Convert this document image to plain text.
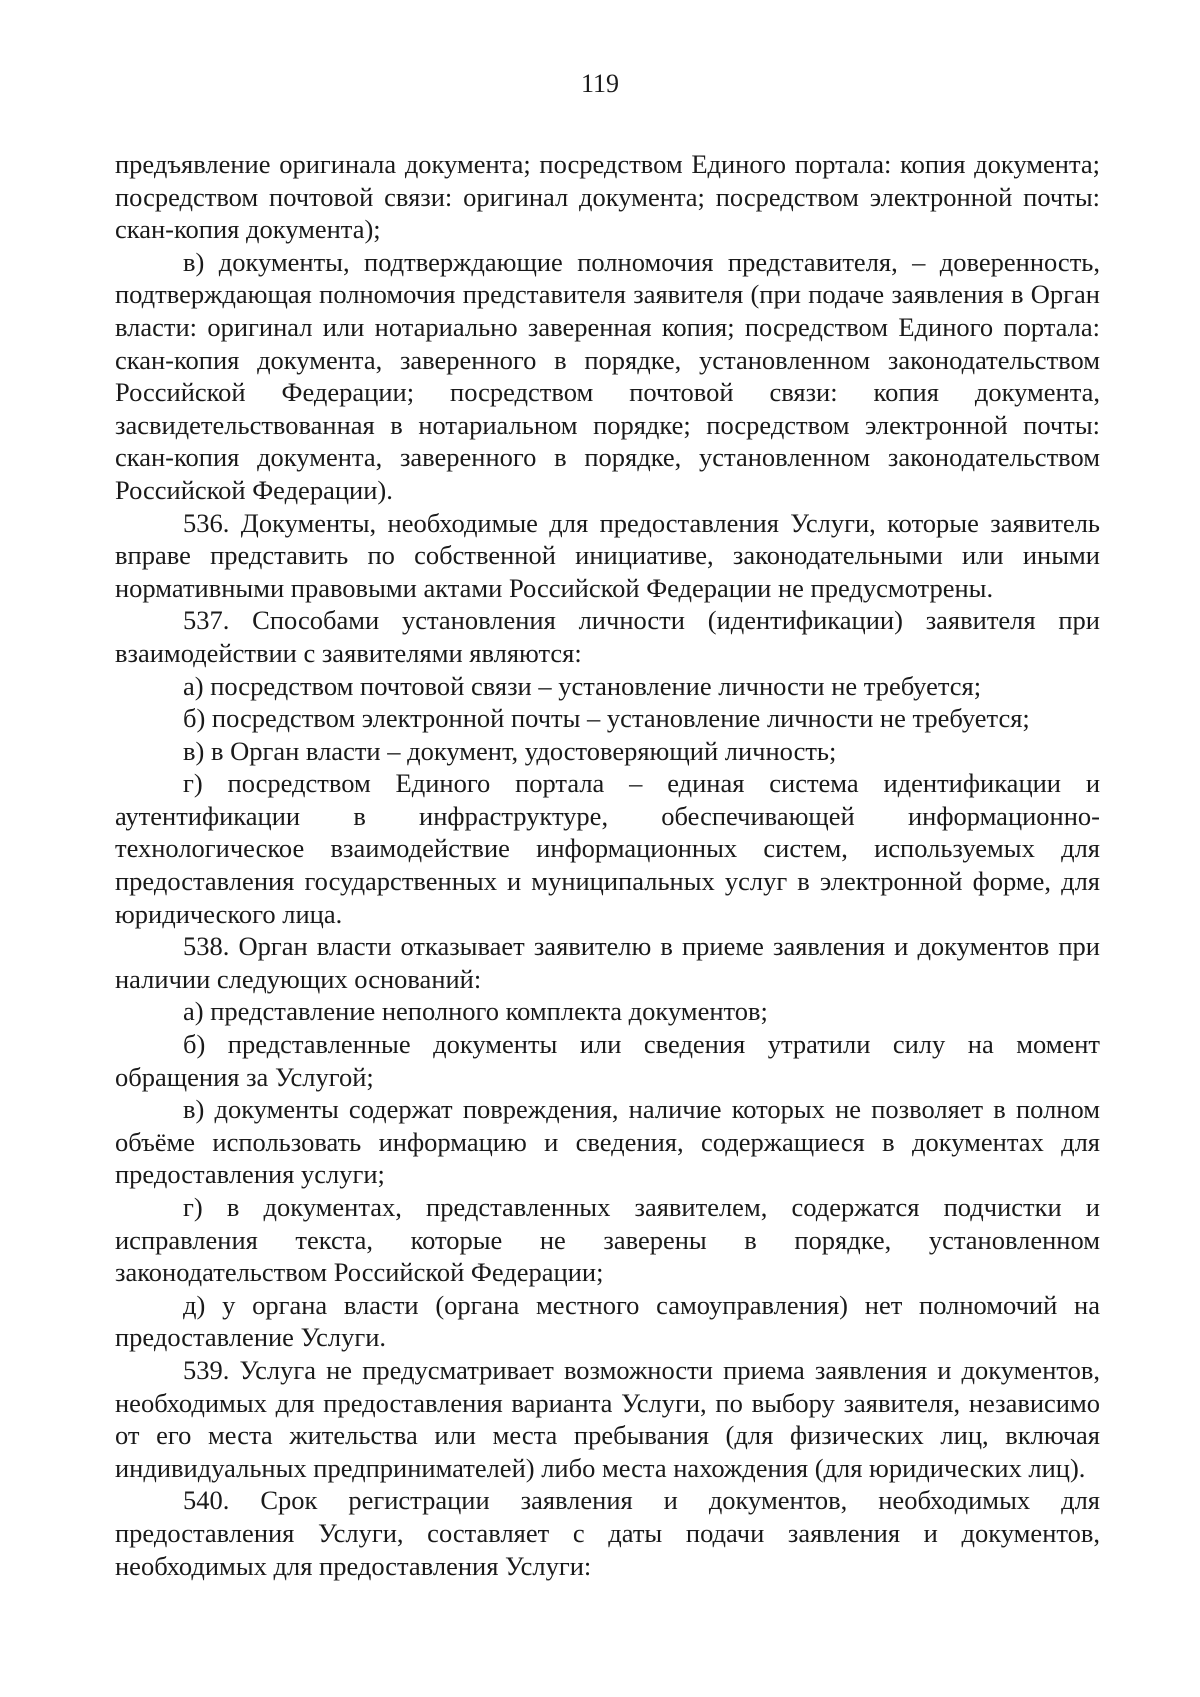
119

предъявление оригинала документа; посредством Единого портала: копия документа; посредством почтовой связи: оригинал документа; посредством электронной почты: скан-копия документа);

в) документы, подтверждающие полномочия представителя, – доверенность, подтверждающая полномочия представителя заявителя (при подаче заявления в Орган власти: оригинал или нотариально заверенная копия; посредством Единого портала: скан-копия документа, заверенного в порядке, установленном законодательством Российской Федерации; посредством почтовой связи: копия документа, засвидетельствованная в нотариальном порядке; посредством электронной почты: скан-копия документа, заверенного в порядке, установленном законодательством Российской Федерации).

536. Документы, необходимые для предоставления Услуги, которые заявитель вправе представить по собственной инициативе, законодательными или иными нормативными правовыми актами Российской Федерации не предусмотрены.

537. Способами установления личности (идентификации) заявителя при взаимодействии с заявителями являются:

а) посредством почтовой связи – установление личности не требуется;

б) посредством электронной почты – установление личности не требуется;

в) в Орган власти – документ, удостоверяющий личность;

г) посредством Единого портала – единая система идентификации и аутентификации в инфраструктуре, обеспечивающей информационно-технологическое взаимодействие информационных систем, используемых для предоставления государственных и муниципальных услуг в электронной форме, для юридического лица.

538. Орган власти отказывает заявителю в приеме заявления и документов при наличии следующих оснований:

а) представление неполного комплекта документов;

б) представленные документы или сведения утратили силу на момент обращения за Услугой;

в) документы содержат повреждения, наличие которых не позволяет в полном объёме использовать информацию и сведения, содержащиеся в документах для предоставления услуги;

г) в документах, представленных заявителем, содержатся подчистки и исправления текста, которые не заверены в порядке, установленном законодательством Российской Федерации;

д) у органа власти (органа местного самоуправления) нет полномочий на предоставление Услуги.

539. Услуга не предусматривает возможности приема заявления и документов, необходимых для предоставления варианта Услуги, по выбору заявителя, независимо от его места жительства или места пребывания (для физических лиц, включая индивидуальных предпринимателей) либо места нахождения (для юридических лиц).

540. Срок регистрации заявления и документов, необходимых для предоставления Услуги, составляет с даты подачи заявления и документов, необходимых для предоставления Услуги:
